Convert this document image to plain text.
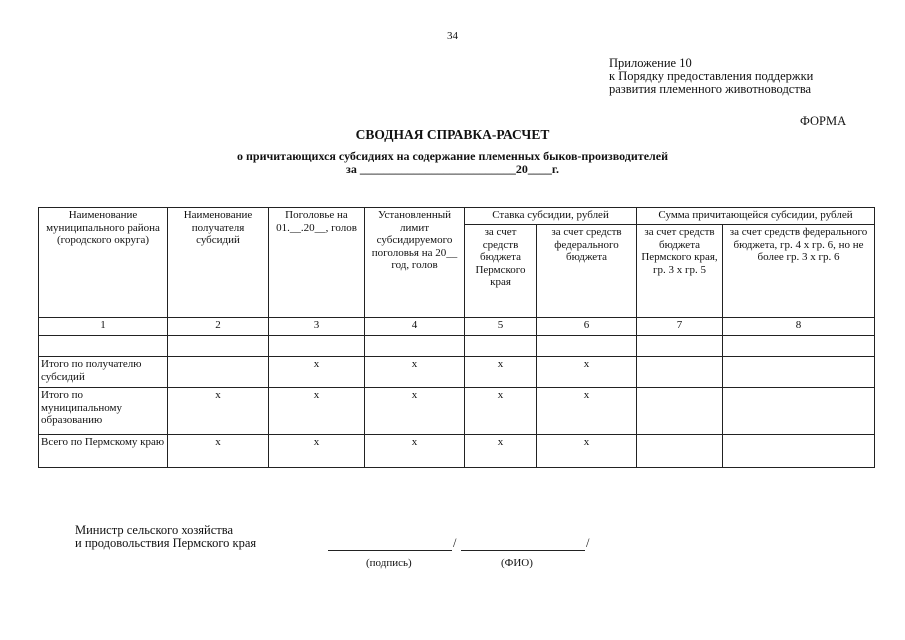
34
Приложение 10
к Порядку предоставления поддержки
развития племенного животноводства
ФОРМА
СВОДНАЯ СПРАВКА-РАСЧЕТ
о причитающихся субсидиях на содержание племенных быков-производителей
за __________________________20____г.
Наименование муниципального района (городского округа)	Наименование получателя субсидий	Поголовье на 01.__.20__, голов	Установленный лимит субсидируемого поголовья на 20__ год, голов	Ставка субсидии, рублей		Сумма причитающейся субсидии, рублей	
				за счет средств бюджета Пермского края	за счет средств федерального бюджета	за счет средств бюджета Пермского края, гр. 3 х гр. 5	за счет средств федерального бюджета, гр. 4 х гр. 6, но не более гр. 3 х гр. 6
1	2	3	4	5	6	7	8

Итого по получателю субсидий		x	x	x	x		
Итого по муниципальному образованию	x	x	x	x	x		
Всего по Пермскому краю	x	x	x	x	x		
Министр сельского хозяйства
и продовольствия Пермского края	/	/
(подпись)	(ФИО)
